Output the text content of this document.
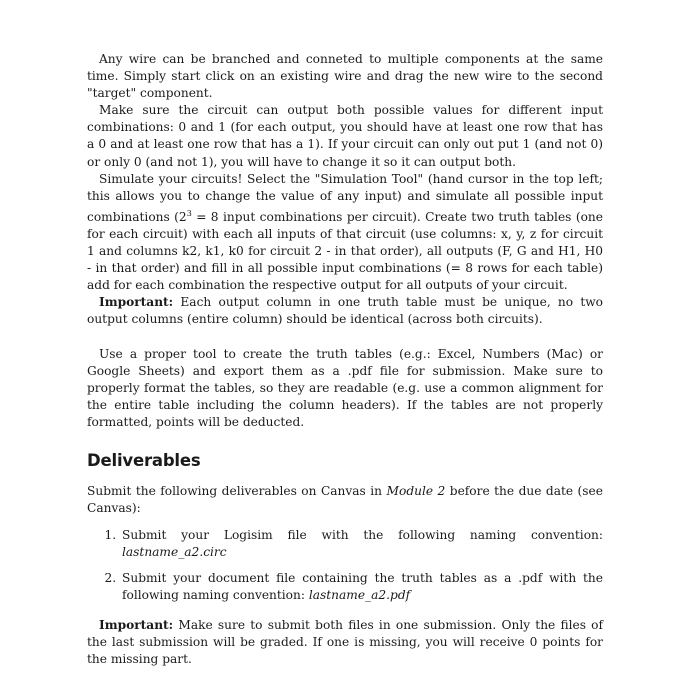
Any wire can be branched and conneted to multiple components at the same time. Simply start click on an existing wire and drag the new wire to the second "target" component.

Make sure the circuit can output both possible values for different input combinations: 0 and 1 (for each output, you should have at least one row that has a 0 and at least one row that has a 1). If your circuit can only out put 1 (and not 0) or only 0 (and not 1), you will have to change it so it can output both.

Simulate your circuits! Select the "Simulation Tool" (hand cursor in the top left; this allows you to change the value of any input) and simulate all possible input combinations ($2^3 = 8$ input combinations per circuit). Create two truth tables (one for each circuit) with each all inputs of that circuit (use columns: x, y, z for circuit 1 and columns k2, k1, k0 for circuit 2 - in that order), all outputs (F, G and H1, H0 - in that order) and fill in all possible input combinations (= 8 rows for each table) add for each combination the respective output for all outputs of your circuit.

Important: Each output column in one truth table must be unique, no two output columns (entire column) should be identical (across both circuits).

Use a proper tool to create the truth tables (e.g.: Excel, Numbers (Mac) or Google Sheets) and export them as a .pdf file for submission. Make sure to properly format the tables, so they are readable (e.g. use a common alignment for the entire table including the column headers). If the tables are not properly formatted, points will be deducted.

Deliverables

Submit the following deliverables on Canvas in Module 2 before the due date (see Canvas):

1. Submit your Logisim file with the following naming convention: lastname_a2.circ
2. Submit your document file containing the truth tables as a .pdf with the following naming convention: lastname_a2.pdf

Important: Make sure to submit both files in one submission. Only the files of the last submission will be graded. If one is missing, you will receive 0 points for the missing part.
